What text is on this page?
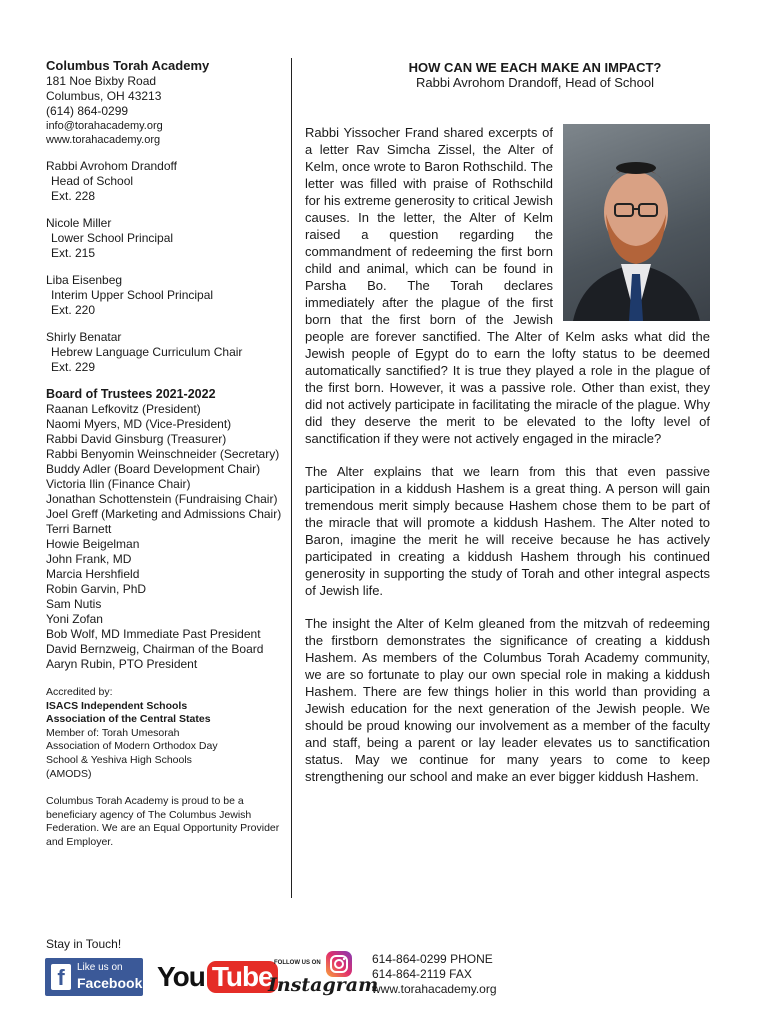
Columbus Torah Academy
181 Noe Bixby Road
Columbus, OH 43213
(614) 864-0299
info@torahacademy.org
www.torahacademy.org
Rabbi Avrohom Drandoff
Head of School
Ext. 228
Nicole Miller
Lower School Principal
Ext. 215
Liba Eisenbeg
Interim Upper School Principal
Ext. 220
Shirly Benatar
Hebrew Language Curriculum Chair
Ext. 229
Board of Trustees 2021-2022
Raanan Lefkovitz (President)
Naomi Myers, MD (Vice-President)
Rabbi David Ginsburg (Treasurer)
Rabbi Benyomin Weinschneider (Secretary)
Buddy Adler (Board Development Chair)
Victoria Ilin (Finance Chair)
Jonathan Schottenstein (Fundraising Chair)
Joel Greff (Marketing and Admissions Chair)
Terri Barnett
Howie Beigelman
John Frank, MD
Marcia Hershfield
Robin Garvin, PhD
Sam Nutis
Yoni Zofan
Bob Wolf, MD Immediate Past President
David Bernzweig, Chairman of the Board
Aaryn Rubin, PTO President
Accredited by:
ISACS Independent Schools
Association of the Central States
Member of: Torah Umesorah
Association of Modern Orthodox Day
School & Yeshiva High Schools
(AMODS)
Columbus Torah Academy is proud to be a beneficiary agency of The Columbus Jewish Federation. We are an Equal Opportunity Provider and Employer.
HOW CAN WE EACH MAKE AN IMPACT?
Rabbi Avrohom Drandoff, Head of School

Rabbi Yissocher Frand shared excerpts of a letter Rav Simcha Zissel, the Alter of Kelm, once wrote to Baron Rothschild. The letter was filled with praise of Rothschild for his extreme generosity to critical Jewish causes. In the letter, the Alter of Kelm raised a question regarding the commandment of redeeming the first born child and animal, which can be found in Parsha Bo. The Torah declares immediately after the plague of the first born that the first born of the Jewish people are forever sanctified. The Alter of Kelm asks what did the Jewish people of Egypt do to earn the lofty status to be deemed automatically sanctified? It is true they played a role in the plague of the first born. However, it was a passive role. Other than exist, they did not actively participate in facilitating the miracle of the plague. Why did they deserve the merit to be elevated to the lofty level of sanctification if they were not actively engaged in the miracle?

The Alter explains that we learn from this that even passive participation in a kiddush Hashem is a great thing. A person will gain tremendous merit simply because Hashem chose them to be part of the miracle that will promote a kiddush Hashem. The Alter noted to Baron, imagine the merit he will receive because he has actively participated in creating a kiddush Hashem through his continued generosity in supporting the study of Torah and other integral aspects of Jewish life.

The insight the Alter of Kelm gleaned from the mitzvah of redeeming the firstborn demonstrates the significance of creating a kiddush Hashem. As members of the Columbus Torah Academy community, we are so fortunate to play our own special role in making a kiddush Hashem. There are few things holier in this world than providing a Jewish education for the next generation of the Jewish people. We should be proud knowing our involvement as a member of the faculty and staff, being a parent or lay leader elevates us to sanctification status. May we continue for many years to come to keep strengthening our school and make an ever bigger kiddush Hashem.

Stay in Touch!
f	Like us on
Facebook! You Tube FOLLOW US ON
Instagram
614-864-0299 PHONE
614-864-2119 FAX
www.torahacademy.org
